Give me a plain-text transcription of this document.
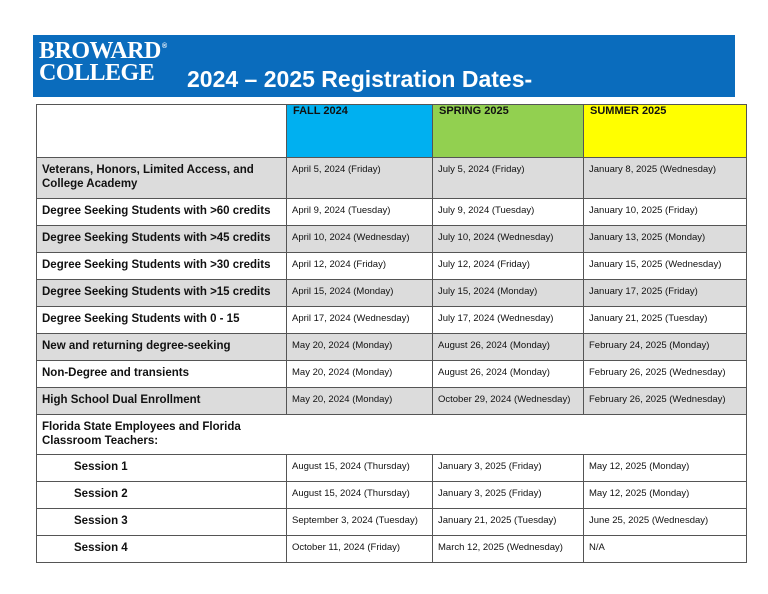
BROWARD
COLLEGE
®
2024 – 2025 Registration Dates-

	FALL 2024	SPRING 2025	SUMMER 2025

Veterans, Honors, Limited Access, and College Academy	April 5, 2024 (Friday)	July 5, 2024 (Friday)	January 8, 2025 (Wednesday)
Degree Seeking Students with >60 credits	April 9, 2024 (Tuesday)	July 9, 2024 (Tuesday)	January 10, 2025 (Friday)
Degree Seeking Students with >45 credits	April 10, 2024 (Wednesday)	July 10, 2024 (Wednesday)	January 13, 2025 (Monday)
Degree Seeking Students with >30 credits	April 12, 2024 (Friday)	July 12, 2024 (Friday)	January 15, 2025 (Wednesday)
Degree Seeking Students with >15 credits	April 15, 2024 (Monday)	July 15, 2024 (Monday)	January 17, 2025 (Friday)
Degree Seeking Students with 0 - 15	April 17, 2024 (Wednesday)	July 17, 2024 (Wednesday)	January 21, 2025 (Tuesday)
New and returning degree-seeking	May 20, 2024 (Monday)	August 26, 2024 (Monday)	February 24, 2025 (Monday)
Non-Degree and transients	May 20, 2024 (Monday)	August 26, 2024 (Monday)	February 26, 2025 (Wednesday)
High School Dual Enrollment	May 20, 2024 (Monday)	October 29, 2024 (Wednesday)	February 26, 2025 (Wednesday)
Florida State Employees and Florida Classroom Teachers:			
Session 1	August 15, 2024 (Thursday)	January 3, 2025 (Friday)	May 12, 2025 (Monday)
Session 2	August 15, 2024 (Thursday)	January 3, 2025 (Friday)	May 12, 2025 (Monday)
Session 3	September 3, 2024 (Tuesday)	January 21, 2025 (Tuesday)	June 25, 2025 (Wednesday)
Session 4	October 11, 2024 (Friday)	March 12, 2025 (Wednesday)	N/A
